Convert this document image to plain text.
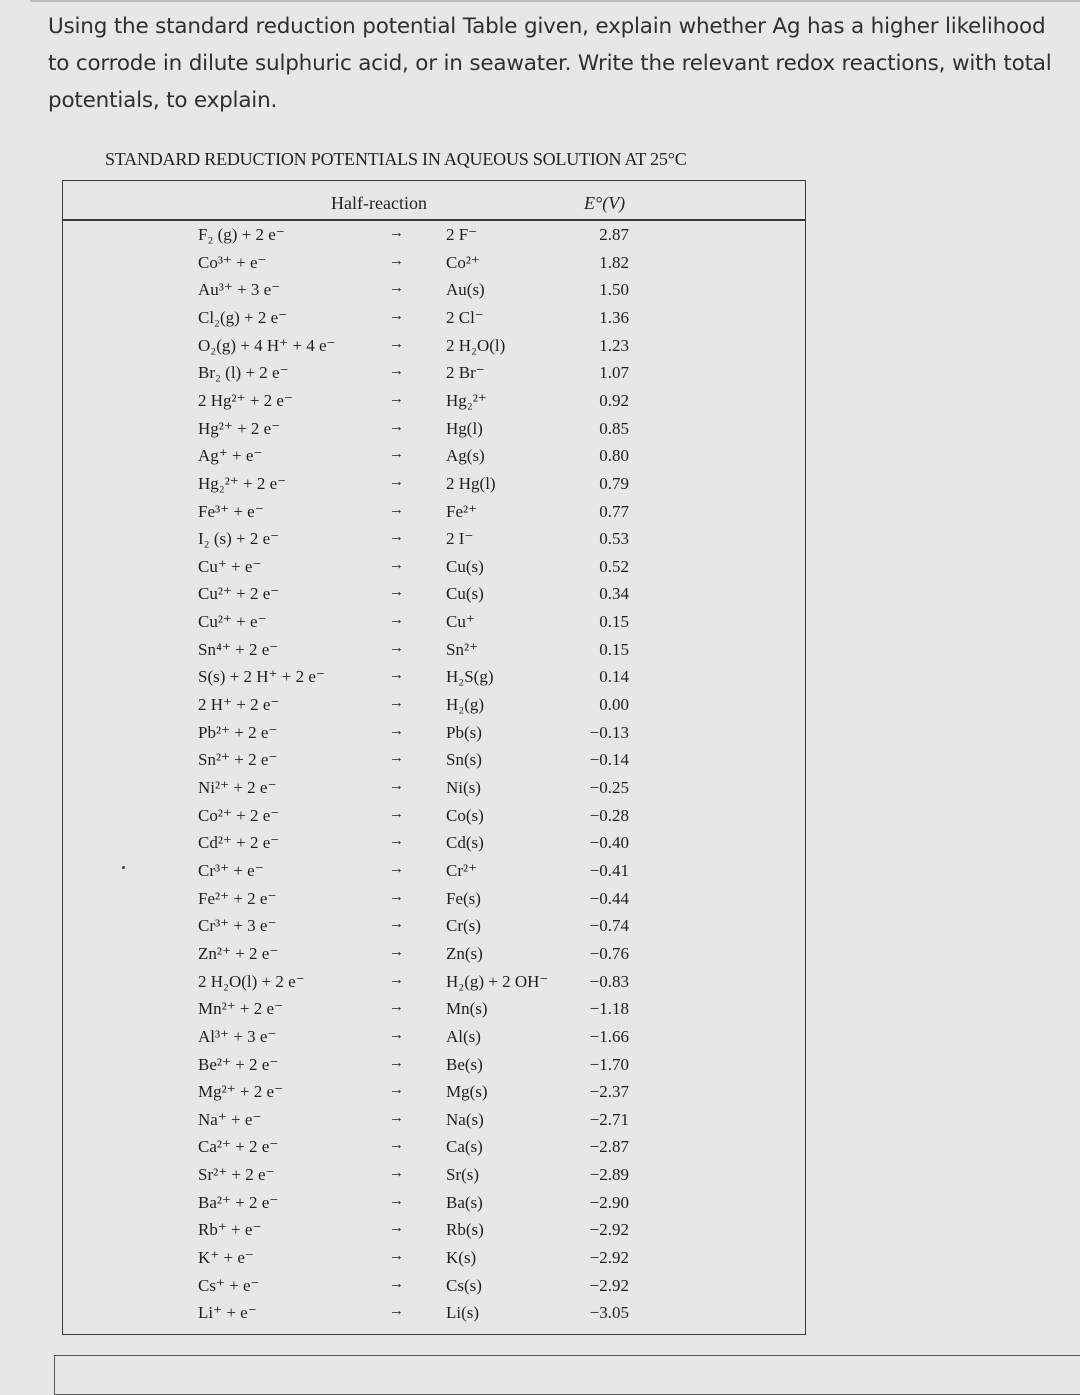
Using the standard reduction potential Table given, explain whether Ag has a higher likelihood to corrode in dilute sulphuric acid, or in seawater. Write the relevant redox reactions, with total potentials, to explain.
STANDARD REDUCTION POTENTIALS IN AQUEOUS SOLUTION AT 25°C
Half-reaction	E°(V)
F₂ (g) + 2 e⁻	→ 2 F⁻	2.87
Co³⁺ + e⁻	→ Co²⁺	1.82
Au³⁺ + 3 e⁻	→ Au(s)	1.50
Cl₂(g) + 2 e⁻	→ 2 Cl⁻	1.36
O₂(g) + 4 H⁺ + 4 e⁻	→ 2 H₂O(l)	1.23
Br₂ (l) + 2 e⁻	→ 2 Br⁻	1.07
2 Hg²⁺ + 2 e⁻	→ Hg₂²⁺	0.92
Hg²⁺ + 2 e⁻	→ Hg(l)	0.85
Ag⁺ + e⁻	→ Ag(s)	0.80
Hg₂²⁺ + 2 e⁻	→ 2 Hg(l)	0.79
Fe³⁺ + e⁻	→ Fe²⁺	0.77
I₂ (s) + 2 e⁻	→ 2 I⁻	0.53
Cu⁺ + e⁻	→ Cu(s)	0.52
Cu²⁺ + 2 e⁻	→ Cu(s)	0.34
Cu²⁺ + e⁻	→ Cu⁺	0.15
Sn⁴⁺ + 2 e⁻	→ Sn²⁺	0.15
S(s) + 2 H⁺ + 2 e⁻	→ H₂S(g)	0.14
2 H⁺ + 2 e⁻	→ H₂(g)	0.00
Pb²⁺ + 2 e⁻	→ Pb(s)	−0.13
Sn²⁺ + 2 e⁻	→ Sn(s)	−0.14
Ni²⁺ + 2 e⁻	→ Ni(s)	−0.25
Co²⁺ + 2 e⁻	→ Co(s)	−0.28
Cd²⁺ + 2 e⁻	→ Cd(s)	−0.40
Cr³⁺ + e⁻	→ Cr²⁺	−0.41
Fe²⁺ + 2 e⁻	→ Fe(s)	−0.44
Cr³⁺ + 3 e⁻	→ Cr(s)	−0.74
Zn²⁺ + 2 e⁻	→ Zn(s)	−0.76
2 H₂O(l) + 2 e⁻	→ H₂(g) + 2 OH⁻ −0.83
Mn²⁺ + 2 e⁻	→ Mn(s)	−1.18
Al³⁺ + 3 e⁻	→ Al(s)	−1.66
Be²⁺ + 2 e⁻	→ Be(s)	−1.70
Mg²⁺ + 2 e⁻	→ Mg(s)	−2.37
Na⁺ + e⁻	→ Na(s)	−2.71
Ca²⁺ + 2 e⁻	→ Ca(s)	−2.87
Sr²⁺ + 2 e⁻	→ Sr(s)	−2.89
Ba²⁺ + 2 e⁻	→ Ba(s)	−2.90
Rb⁺ + e⁻	→ Rb(s)	−2.92
K⁺ + e⁻	→ K(s)	−2.92
Cs⁺ + e⁻	→ Cs(s)	−2.92
Li⁺ + e⁻	→ Li(s)	−3.05
